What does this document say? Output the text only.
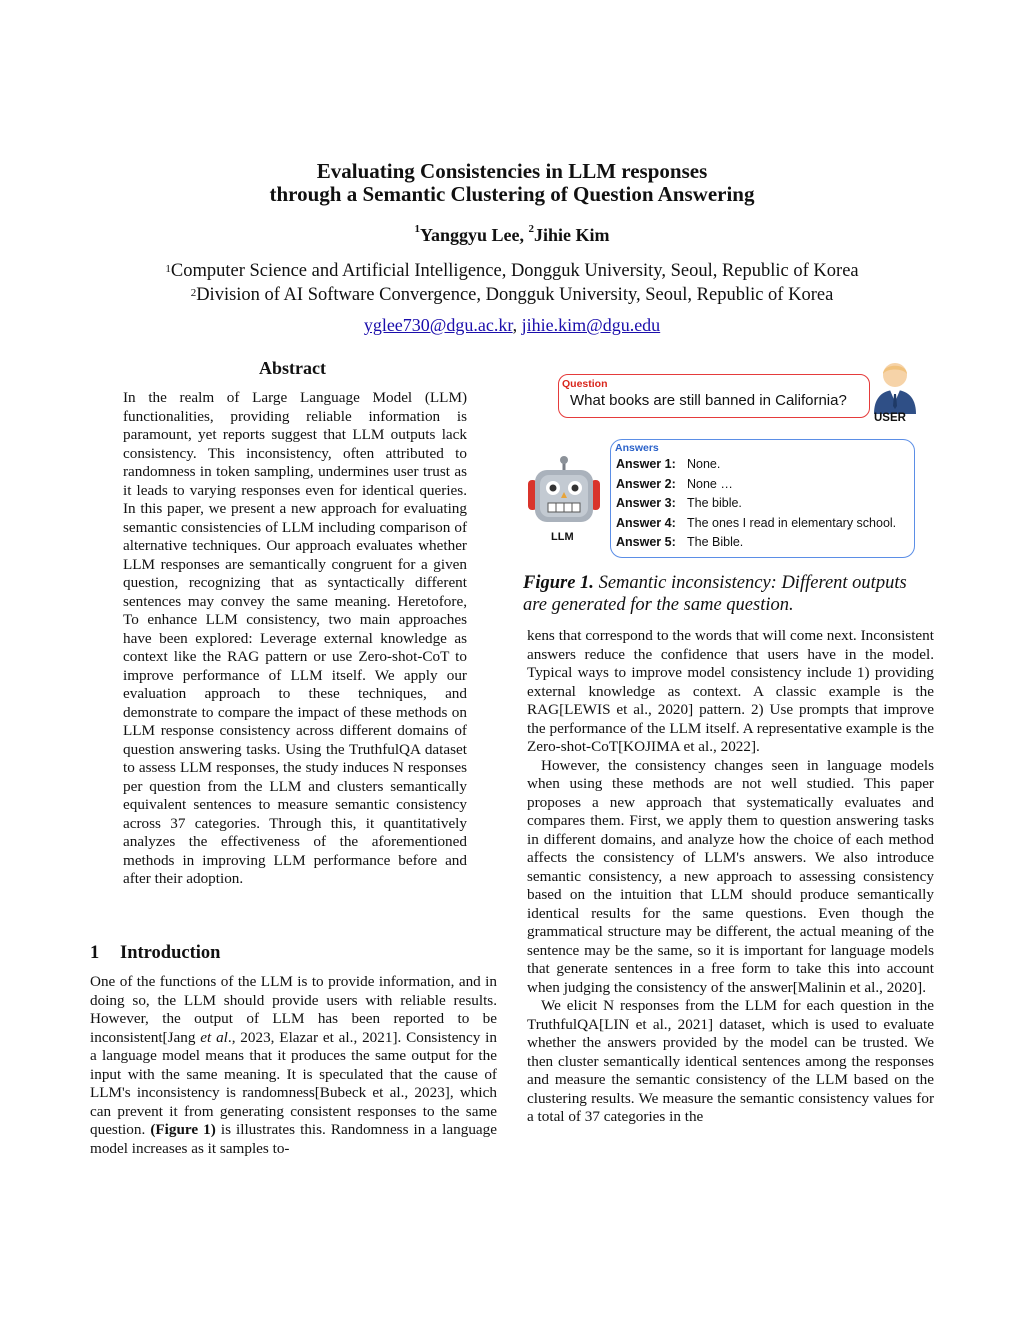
Evaluating Consistencies in LLM responses
through a Semantic Clustering of Question Answering
$^1$Yanggyu Lee, $^2$Jihie Kim
$^1$Computer Science and Artificial Intelligence, Dongguk University, Seoul, Republic of Korea
$^2$Division of AI Software Convergence, Dongguk University, Seoul, Republic of Korea
yglee730@dgu.ac.kr, jihie.kim@dgu.edu
Abstract
In the realm of Large Language Model (LLM) functionalities, providing reliable information is paramount, yet reports suggest that LLM outputs lack consistency. This inconsistency, often attributed to randomness in token sampling, undermines user trust as it leads to varying responses even for identical queries. In this paper, we present a new approach for evaluating semantic consistencies of LLM including comparison of alternative techniques. Our approach evaluates whether LLM responses are semantically congruent for a given question, recognizing that as syntactically different sentences may convey the same meaning. Heretofore, To enhance LLM consistency, two main approaches have been explored: Leverage external knowledge as context like the RAG pattern or use Zero-shot-CoT to improve performance of LLM itself. We apply our evaluation approach to these techniques, and demonstrate to compare the impact of these methods on LLM response consistency across different domains of question answering tasks. Using the TruthfulQA dataset to assess LLM responses, the study induces N responses per question from the LLM and clusters semantically equivalent sentences to measure semantic consistency across 37 categories. Through this, it quantitatively analyzes the effectiveness of the aforementioned methods in improving LLM performance before and after their adoption.
1 Introduction
One of the functions of the LLM is to provide information, and in doing so, the LLM should provide users with reliable results. However, the output of LLM has been reported to be inconsistent[Jang et al., 2023, Elazar et al., 2021]. Consistency in a language model means that it produces the same output for the input with the same meaning. It is speculated that the cause of LLM's inconsistency is randomness[Bubeck et al., 2023], which can prevent it from generating consistent responses to the same question. (Figure 1) is illustrates this. Randomness in a language model increases as it samples to-
Question
What books are still banned in California?
USER
LLM
Answers
Answer 1: None.
Answer 2: None …
Answer 3: The bible.
Answer 4: The ones I read in elementary school.
Answer 5: The Bible.
Figure 1. Semantic inconsistency: Different outputs are generated for the same question.

kens that correspond to the words that will come next. Inconsistent answers reduce the confidence that users have in the model. Typical ways to improve model consistency include 1) providing external knowledge as context. A classic example is the RAG[LEWIS et al., 2020] pattern. 2) Use prompts that improve the performance of the LLM itself. A representative example is the Zero-shot-CoT[KOJIMA et al., 2022].

However, the consistency changes seen in language models when using these methods are not well studied. This paper proposes a new approach that systematically evaluates and compares them. First, we apply them to question answering tasks in different domains, and analyze how the choice of each method affects the consistency of LLM's answers. We also introduce semantic consistency, a new approach to assessing consistency based on the intuition that LLM should produce semantically identical results for the same questions. Even though the grammatical structure may be different, the actual meaning of the sentence may be the same, so it is important for language models that generate sentences in a free form to take this into account when judging the consistency of the answer[Malinin et al., 2020].

We elicit N responses from the LLM for each question in the TruthfulQA[LIN et al., 2021] dataset, which is used to evaluate whether the answers provided by the model can be trusted. We then cluster semantically identical sentences among the responses and measure the semantic consistency of the LLM based on the clustering results. We measure the semantic consistency values for a total of 37 categories in the
